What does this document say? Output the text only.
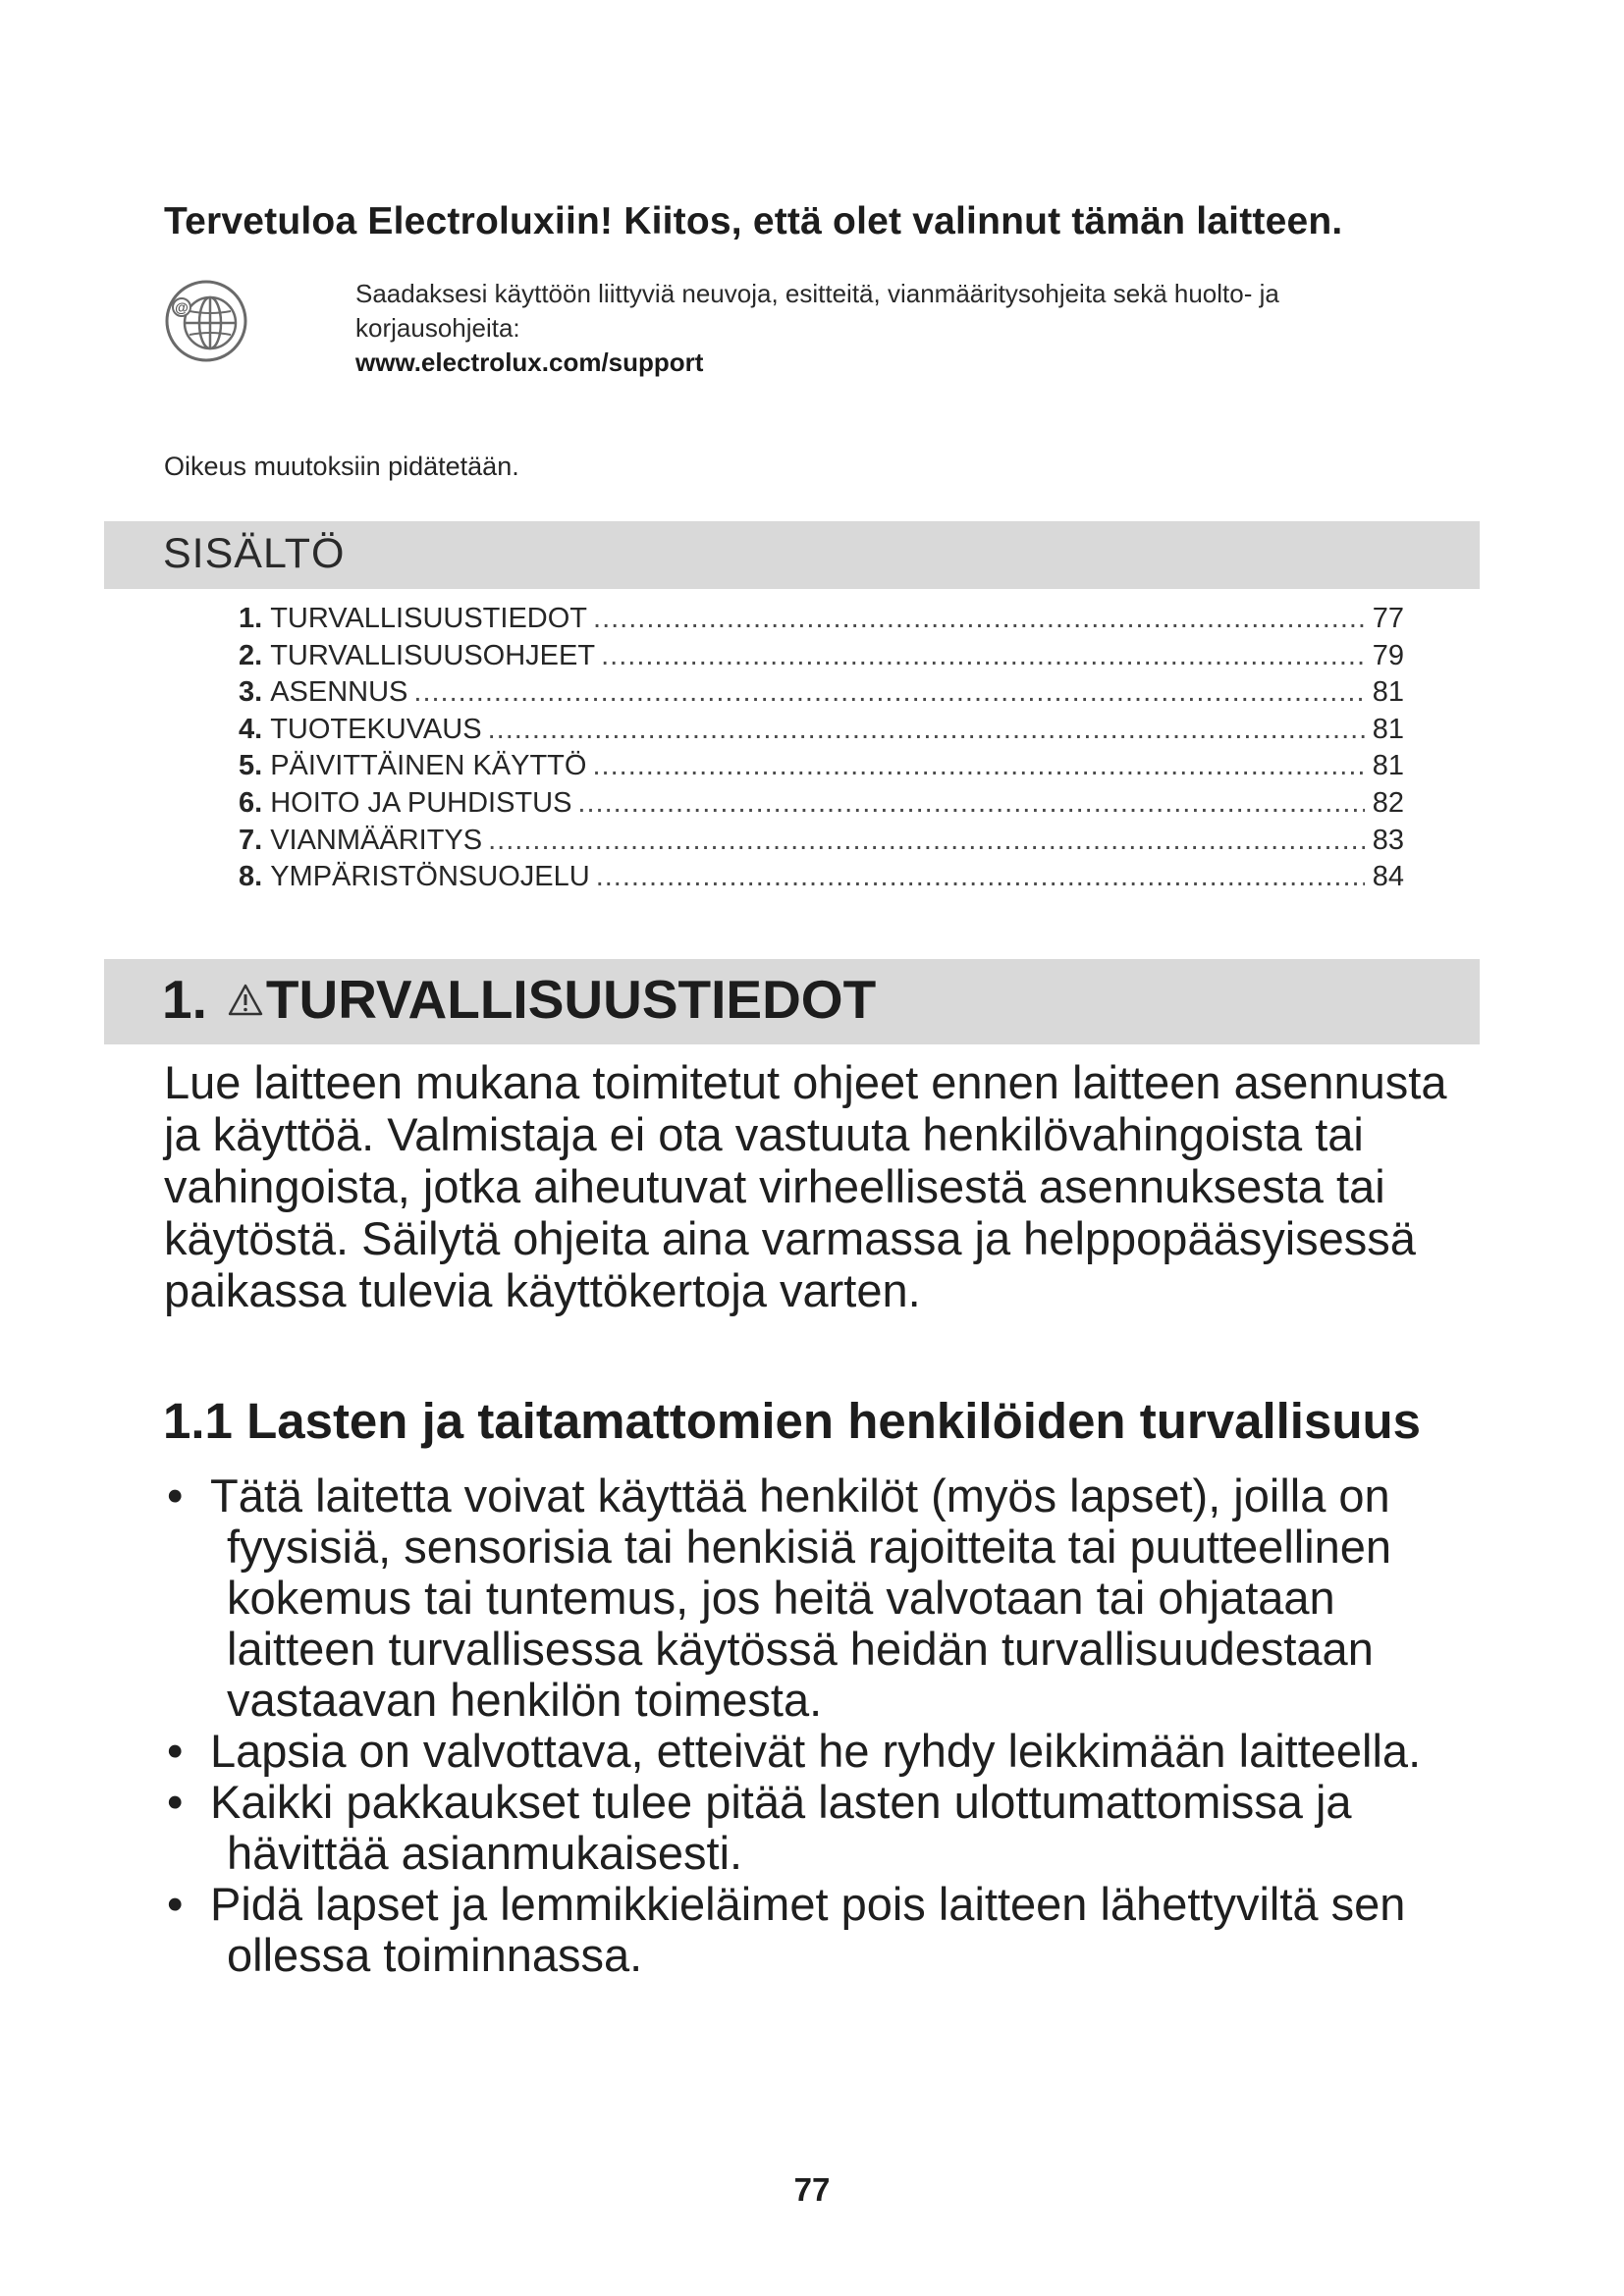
Tervetuloa Electroluxiin! Kiitos, että olet valinnut tämän laitteen.
@	Saadaksesi käyttöön liittyviä neuvoja, esitteitä, vianmääritysohjeita sekä huolto- ja korjausohjeita:
www.electrolux.com/support
Oikeus muutoksiin pidätetään.
SISÄLTÖ
1. TURVALLISUUSTIEDOT .....	77
2. TURVALLISUUSOHJEET .....	79
3. ASENNUS .....	81
4. TUOTEKUVAUS .....	81
5. PÄIVITTÄINEN KÄYTTÖ .....	81
6. HOITO JA PUHDISTUS .....	82
7. VIANMÄÄRITYS .....	83
8. YMPÄRISTÖNSUOJELU .....	84
1. TURVALLISUUSTIEDOT

Lue laitteen mukana toimitetut ohjeet ennen laitteen asennusta ja käyttöä. Valmistaja ei ota vastuuta henkilövahingoista tai vahingoista, jotka aiheutuvat virheellisestä asennuksesta tai käytöstä. Säilytä ohjeita aina varmassa ja helppopääsyisessä paikassa tulevia käyttökertoja varten.

1.1 Lasten ja taitamattomien henkilöiden turvallisuus
• Tätä laitetta voivat käyttää henkilöt (myös lapset), joilla on fyysisiä, sensorisia tai henkisiä rajoitteita tai puutteellinen kokemus tai tuntemus, jos heitä valvotaan tai ohjataan laitteen turvallisessa käytössä heidän turvallisuudestaan vastaavan henkilön toimesta.
• Lapsia on valvottava, etteivät he ryhdy leikkimään laitteella.
• Kaikki pakkaukset tulee pitää lasten ulottumattomissa ja hävittää asianmukaisesti.
• Pidä lapset ja lemmikkieläimet pois laitteen lähettyviltä sen ollessa toiminnassa.
77
